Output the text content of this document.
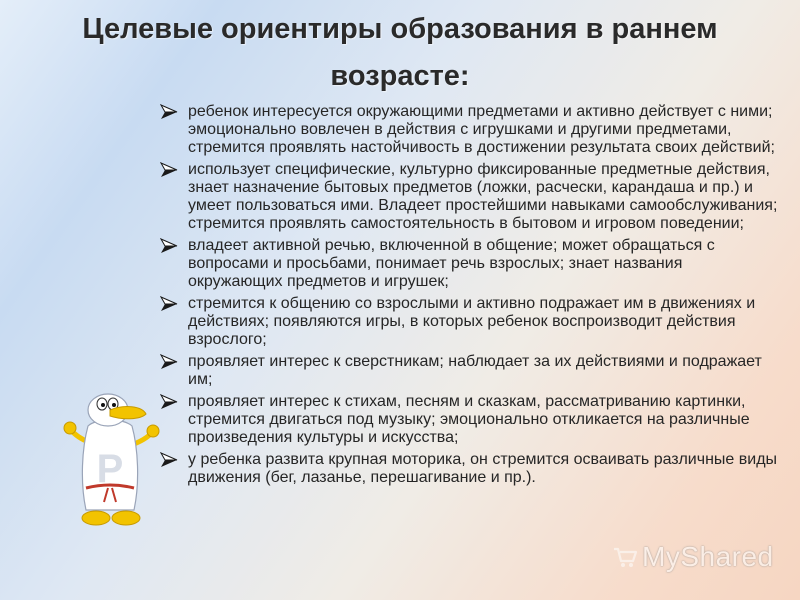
Целевые ориентиры образования в раннем
возрасте:
ребенок интересуется окружающими предметами и активно действует с ними; эмоционально вовлечен в действия с игрушками и другими предметами, стремится проявлять настойчивость в достижении результата своих действий;
использует специфические, культурно фиксированные предметные действия, знает назначение бытовых предметов (ложки, расчески, карандаша и пр.) и умеет пользоваться ими. Владеет простейшими навыками самообслуживания; стремится проявлять самостоятельность в бытовом и игровом поведении;
владеет активной речью, включенной в общение; может обращаться с вопросами и просьбами, понимает речь взрослых; знает названия окружающих предметов и игрушек;
стремится к общению со взрослыми и активно подражает им в движениях и действиях; появляются игры, в которых ребенок воспроизводит действия взрослого;
проявляет интерес к сверстникам; наблюдает за их действиями и подражает им;
проявляет интерес к стихам, песням и сказкам, рассматриванию картинки, стремится двигаться под музыку; эмоционально откликается на различные произведения культуры и искусства;
у ребенка развита крупная моторика, он стремится осваивать различные виды движения (бег, лазанье, перешагивание и пр.).
Р
MyShared
